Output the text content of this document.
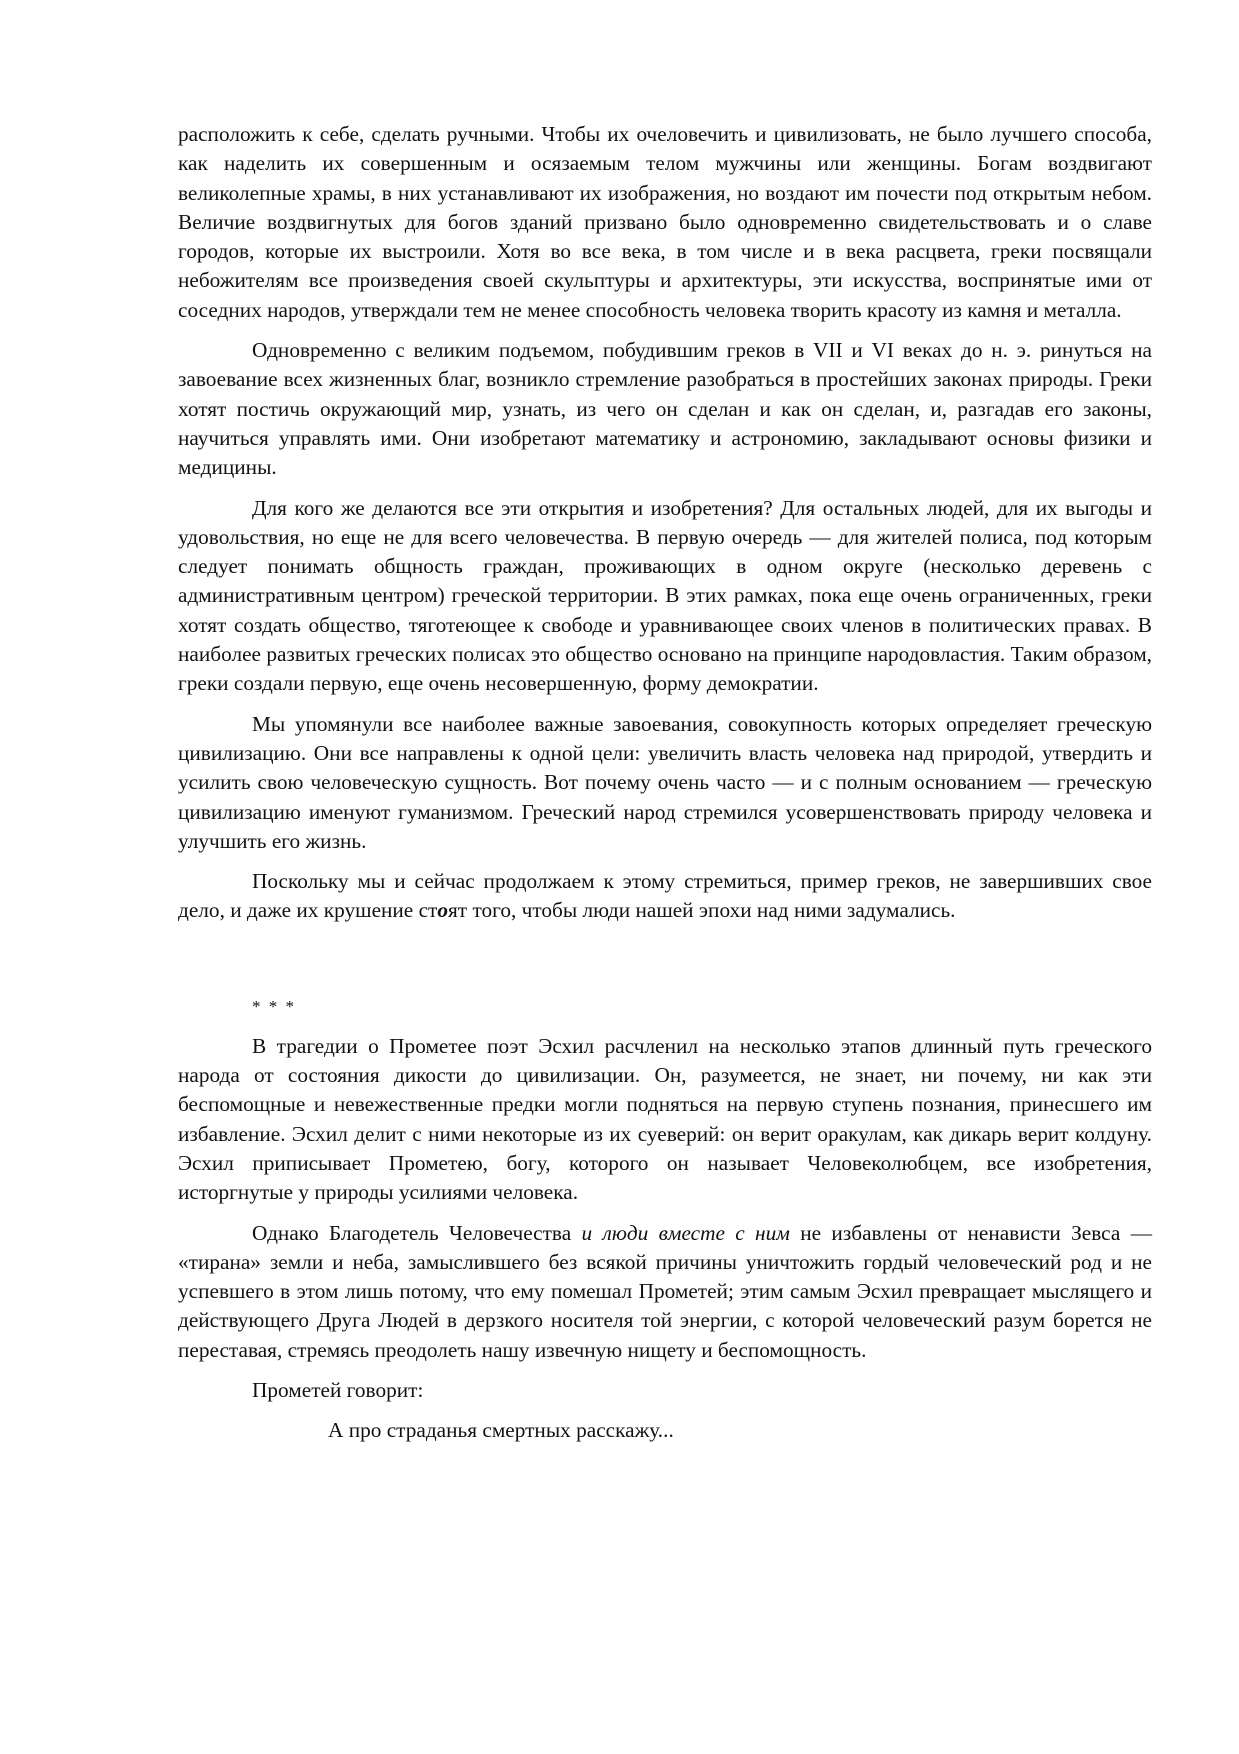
расположить к себе, сделать ручными. Чтобы их очеловечить и цивилизовать, не было лучшего способа, как наделить их совершенным и осязаемым телом мужчины или женщины. Богам воздвигают великолепные храмы, в них устанавливают их изображения, но воздают им почести под открытым небом. Величие воздвигнутых для богов зданий призвано было одновременно свидетельствовать и о славе городов, которые их выстроили. Хотя во все века, в том числе и в века расцвета, греки посвящали небожителям все произведения своей скульптуры и архитектуры, эти искусства, воспринятые ими от соседних народов, утверждали тем не менее способность человека творить красоту из камня и металла.

Одновременно с великим подъемом, побудившим греков в VII и VI веках до н. э. ринуться на завоевание всех жизненных благ, возникло стремление разобраться в простейших законах природы. Греки хотят постичь окружающий мир, узнать, из чего он сделан и как он сделан, и, разгадав его законы, научиться управлять ими. Они изобретают математику и астрономию, закладывают основы физики и медицины.

Для кого же делаются все эти открытия и изобретения? Для остальных людей, для их выгоды и удовольствия, но еще не для всего человечества. В первую очередь — для жителей полиса, под которым следует понимать общность граждан, проживающих в одном округе (несколько деревень с административным центром) греческой территории. В этих рамках, пока еще очень ограниченных, греки хотят создать общество, тяготеющее к свободе и уравнивающее своих членов в политических правах. В наиболее развитых греческих полисах это общество основано на принципе народовластия. Таким образом, греки создали первую, еще очень несовершенную, форму демократии.

Мы упомянули все наиболее важные завоевания, совокупность которых определяет греческую цивилизацию. Они все направлены к одной цели: увеличить власть человека над природой, утвердить и усилить свою человеческую сущность. Вот почему очень часто — и с полным основанием — греческую цивилизацию именуют гуманизмом. Греческий народ стремился усовершенствовать природу человека и улучшить его жизнь.

Поскольку мы и сейчас продолжаем к этому стремиться, пример греков, не завершивших свое дело, и даже их крушение стоят того, чтобы люди нашей эпохи над ними задумались.

* * *

В трагедии о Прометее поэт Эсхил расчленил на несколько этапов длинный путь греческого народа от состояния дикости до цивилизации. Он, разумеется, не знает, ни почему, ни как эти беспомощные и невежественные предки могли подняться на первую ступень познания, принесшего им избавление. Эсхил делит с ними некоторые из их суеверий: он верит оракулам, как дикарь верит колдуну. Эсхил приписывает Прометею, богу, которого он называет Человеколюбцем, все изобретения, исторгнутые у природы усилиями человека.

Однако Благодетель Человечества и люди вместе с ним не избавлены от ненависти Зевса — «тирана» земли и неба, замыслившего без всякой причины уничтожить гордый человеческий род и не успевшего в этом лишь потому, что ему помешал Прометей; этим самым Эсхил превращает мыслящего и действующего Друга Людей в дерзкого носителя той энергии, с которой человеческий разум борется не переставая, стремясь преодолеть нашу извечную нищету и беспомощность.

Прометей говорит:

А про страданья смертных расскажу...
